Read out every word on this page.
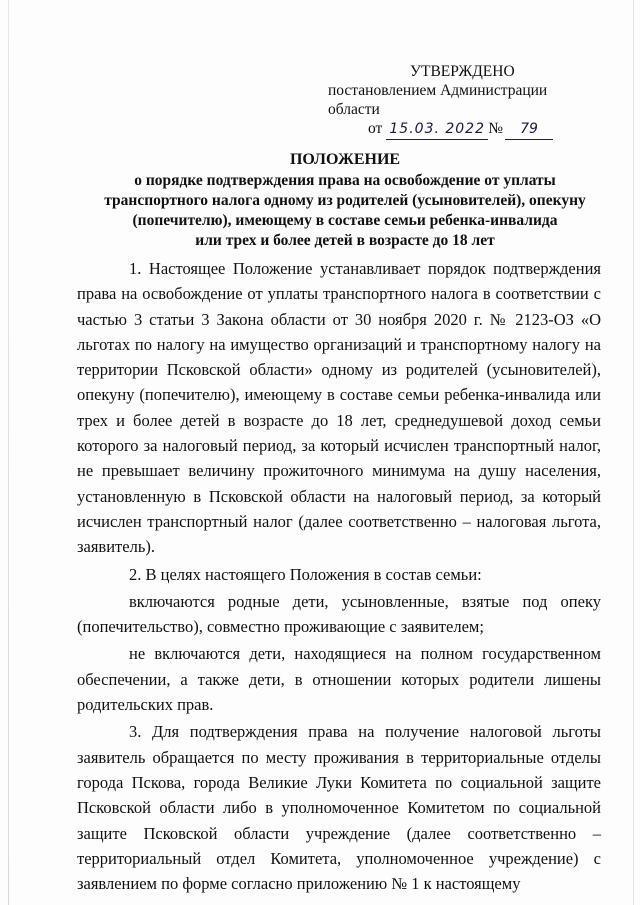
УТВЕРЖДЕНО
постановлением Администрации области
от 15.03. 2022 № 79
ПОЛОЖЕНИЕ
о порядке подтверждения права на освобождение от уплаты
транспортного налога одному из родителей (усыновителей), опекуну
(попечителю), имеющему в составе семьи ребенка-инвалида
или трех и более детей в возрасте до 18 лет

1. Настоящее Положение устанавливает порядок подтверждения права на освобождение от уплаты транспортного налога в соответствии с частью 3 статьи 3 Закона области от 30 ноября 2020 г. № 2123-ОЗ «О льготах по налогу на имущество организаций и транспортному налогу на территории Псковской области» одному из родителей (усыновителей), опекуну (попечителю), имеющему в составе семьи ребенка-инвалида или трех и более детей в возрасте до 18 лет, среднедушевой доход семьи которого за налоговый период, за который исчислен транспортный налог, не превышает величину прожиточного минимума на душу населения, установленную в Псковской области на налоговый период, за который исчислен транспортный налог (далее соответственно – налоговая льгота, заявитель).

2. В целях настоящего Положения в состав семьи:

включаются родные дети, усыновленные, взятые под опеку (попечительство), совместно проживающие с заявителем;

не включаются дети, находящиеся на полном государственном обеспечении, а также дети, в отношении которых родители лишены родительских прав.

3. Для подтверждения права на получение налоговой льготы заявитель обращается по месту проживания в территориальные отделы города Пскова, города Великие Луки Комитета по социальной защите Псковской области либо в уполномоченное Комитетом по социальной защите Псковской области учреждение (далее соответственно – территориальный отдел Комитета, уполномоченное учреждение) с заявлением по форме согласно приложению № 1 к настоящему
